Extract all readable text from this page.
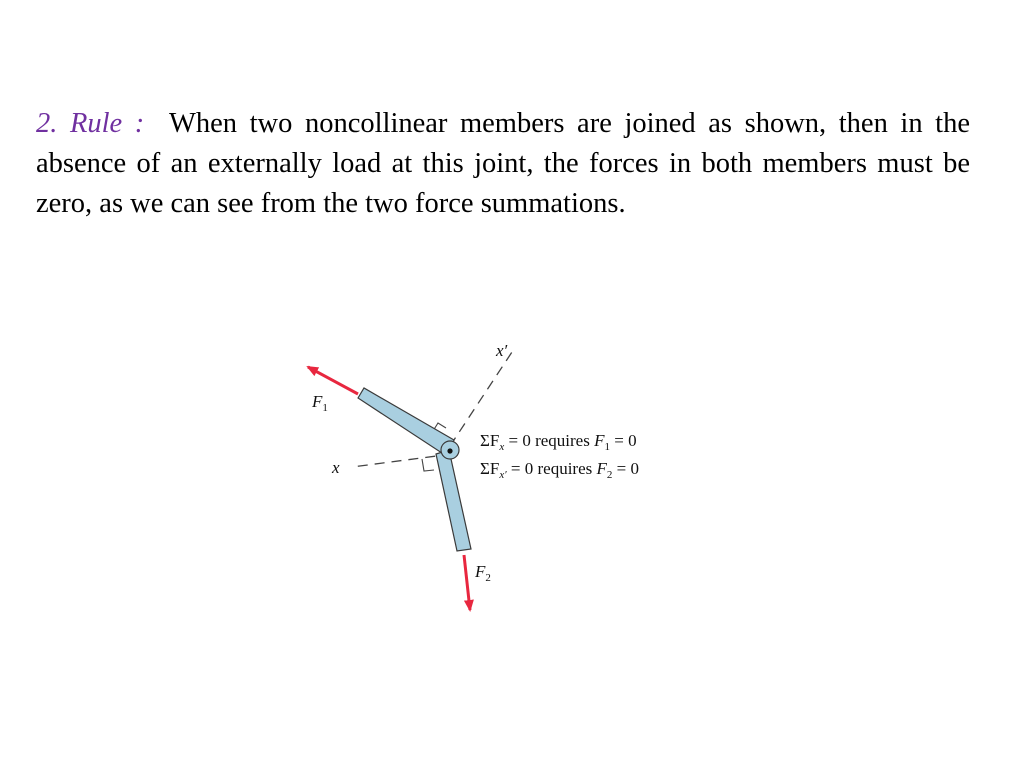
2. Rule : When two noncollinear members are joined as shown, then in the absence of an externally load at this joint, the forces in both members must be zero, as we can see from the two force summations.

$F_1$
$F_2$
x′
x
$\Sigma F_x = 0$ requires $F_1 = 0$
$\Sigma F_{x'} = 0$ requires $F_2 = 0$
